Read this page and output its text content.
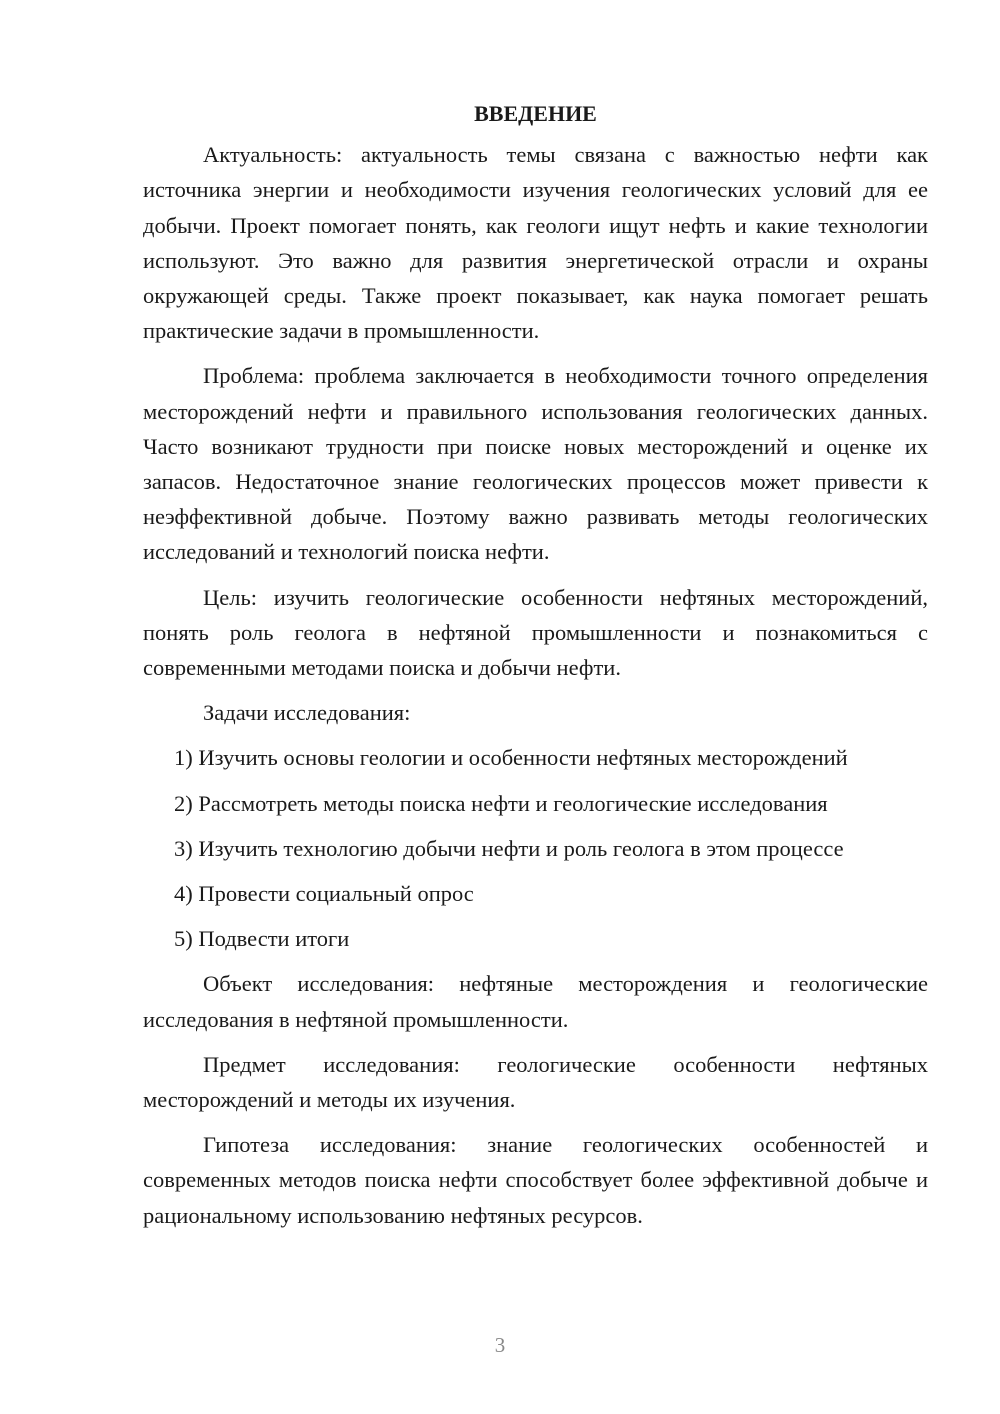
ВВЕДЕНИЕ

Актуальность: актуальность темы связана с важностью нефти как источника энергии и необходимости изучения геологических условий для ее добычи. Проект помогает понять, как геологи ищут нефть и какие технологии используют. Это важно для развития энергетической отрасли и охраны окружающей среды. Также проект показывает, как наука помогает решать практические задачи в промышленности.

Проблема: проблема заключается в необходимости точного определения месторождений нефти и правильного использования геологических данных. Часто возникают трудности при поиске новых месторождений и оценке их запасов. Недостаточное знание геологических процессов может привести к неэффективной добыче. Поэтому важно развивать методы геологических исследований и технологий поиска нефти.

Цель: изучить геологические особенности нефтяных месторождений, понять роль геолога в нефтяной промышленности и познакомиться с современными методами поиска и добычи нефти.

Задачи исследования:

1) Изучить основы геологии и особенности нефтяных месторождений
2) Рассмотреть методы поиска нефти и геологические исследования
3) Изучить технологию добычи нефти и роль геолога в этом процессе
4) Провести социальный опрос
5) Подвести итоги

Объект исследования: нефтяные месторождения и геологические исследования в нефтяной промышленности.

Предмет исследования: геологические особенности нефтяных месторождений и методы их изучения.

Гипотеза исследования: знание геологических особенностей и современных методов поиска нефти способствует более эффективной добыче и рациональному использованию нефтяных ресурсов.

3
